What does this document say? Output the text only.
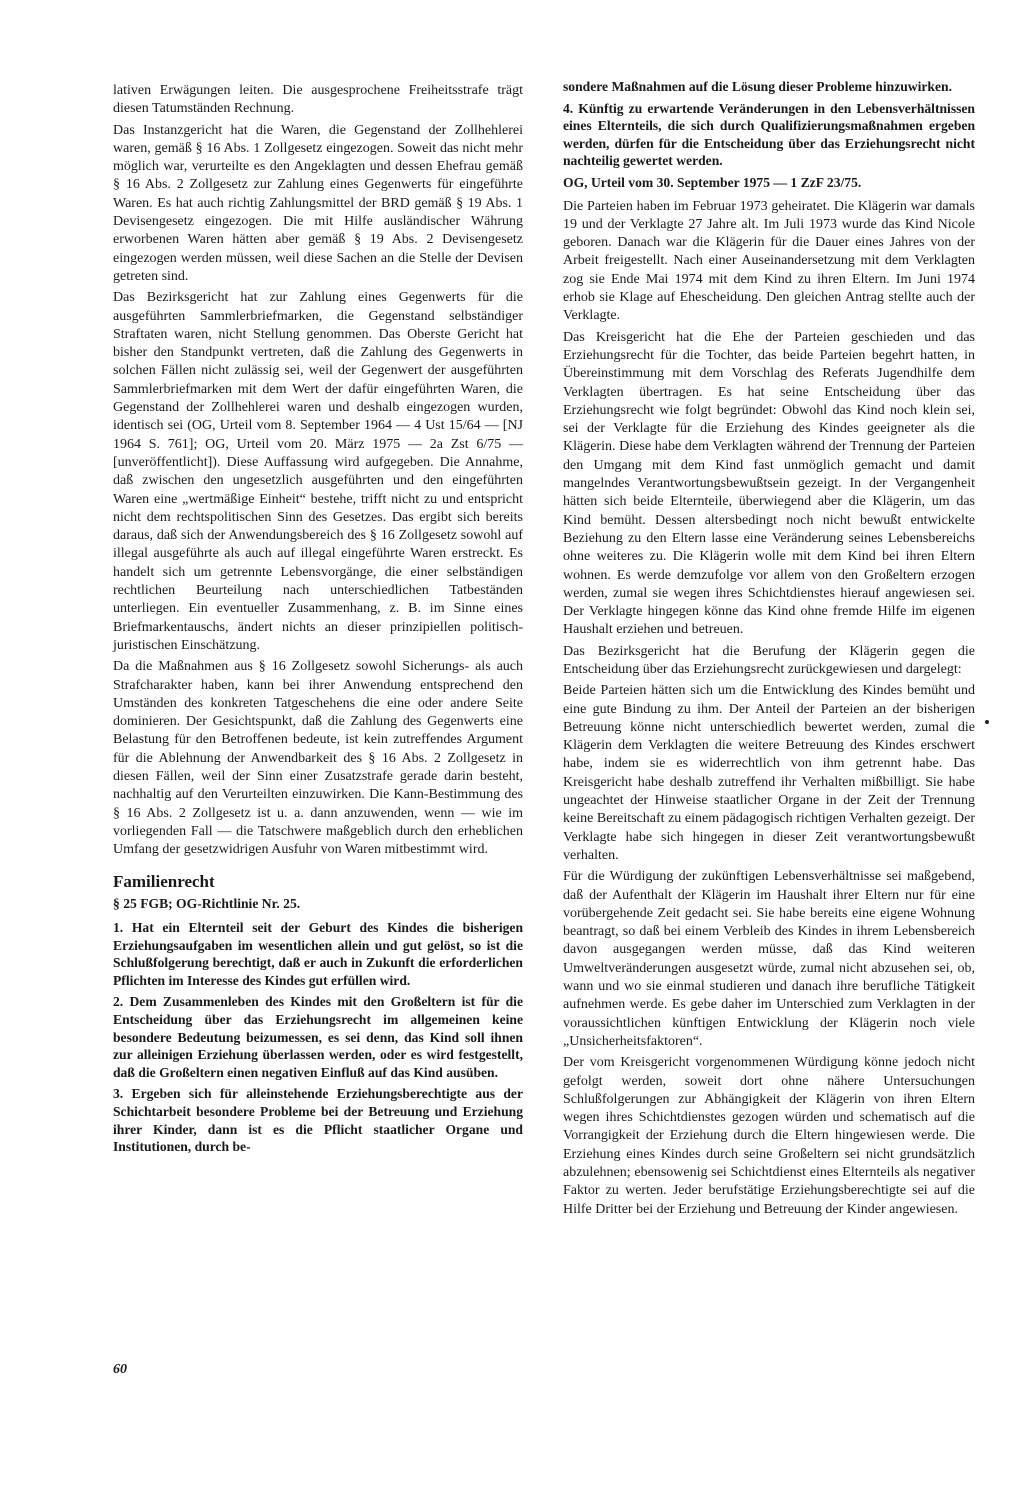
lativen Erwägungen leiten. Die ausgesprochene Freiheitsstrafe trägt diesen Tatumständen Rechnung.

Das Instanzgericht hat die Waren, die Gegenstand der Zollhehlerei waren, gemäß § 16 Abs. 1 Zollgesetz eingezogen. Soweit das nicht mehr möglich war, verurteilte es den Angeklagten und dessen Ehefrau gemäß § 16 Abs. 2 Zollgesetz zur Zahlung eines Gegenwerts für eingeführte Waren. Es hat auch richtig Zahlungsmittel der BRD gemäß § 19 Abs. 1 Devisengesetz eingezogen. Die mit Hilfe ausländischer Währung erworbenen Waren hätten aber gemäß § 19 Abs. 2 Devisengesetz eingezogen werden müssen, weil diese Sachen an die Stelle der Devisen getreten sind.

Das Bezirksgericht hat zur Zahlung eines Gegenwerts für die ausgeführten Sammlerbriefmarken, die Gegenstand selbständiger Straftaten waren, nicht Stellung genommen. Das Oberste Gericht hat bisher den Standpunkt vertreten, daß die Zahlung des Gegenwerts in solchen Fällen nicht zulässig sei, weil der Gegenwert der ausgeführten Sammlerbriefmarken mit dem Wert der dafür eingeführten Waren, die Gegenstand der Zollhehlerei waren und deshalb eingezogen wurden, identisch sei (OG, Urteil vom 8. September 1964 — 4 Ust 15/64 — [NJ 1964 S. 761]; OG, Urteil vom 20. März 1975 — 2a Zst 6/75 — [unveröffentlicht]). Diese Auffassung wird aufgegeben. Die Annahme, daß zwischen den ungesetzlich ausgeführten und den eingeführten Waren eine „wertmäßige Einheit“ bestehe, trifft nicht zu und entspricht nicht dem rechtspolitischen Sinn des Gesetzes. Das ergibt sich bereits daraus, daß sich der Anwendungsbereich des § 16 Zollgesetz sowohl auf illegal ausgeführte als auch auf illegal eingeführte Waren erstreckt. Es handelt sich um getrennte Lebensvorgänge, die einer selbständigen rechtlichen Beurteilung nach unterschiedlichen Tatbeständen unterliegen. Ein eventueller Zusammenhang, z. B. im Sinne eines Briefmarkentauschs, ändert nichts an dieser prinzipiellen politisch-juristischen Einschätzung.

Da die Maßnahmen aus § 16 Zollgesetz sowohl Sicherungs- als auch Strafcharakter haben, kann bei ihrer Anwendung entsprechend den Umständen des konkreten Tatgeschehens die eine oder andere Seite dominieren. Der Gesichtspunkt, daß die Zahlung des Gegenwerts eine Belastung für den Betroffenen bedeute, ist kein zutreffendes Argument für die Ablehnung der Anwendbarkeit des § 16 Abs. 2 Zollgesetz in diesen Fällen, weil der Sinn einer Zusatzstrafe gerade darin besteht, nachhaltig auf den Verurteilten einzuwirken. Die Kann-Bestimmung des § 16 Abs. 2 Zollgesetz ist u. a. dann anzuwenden, wenn — wie im vorliegenden Fall — die Tatschwere maßgeblich durch den erheblichen Umfang der gesetzwidrigen Ausfuhr von Waren mitbestimmt wird.

Familienrecht

§ 25 FGB; OG-Richtlinie Nr. 25.

1. Hat ein Elternteil seit der Geburt des Kindes die bisherigen Erziehungsaufgaben im wesentlichen allein und gut gelöst, so ist die Schlußfolgerung berechtigt, daß er auch in Zukunft die erforderlichen Pflichten im Interesse des Kindes gut erfüllen wird.

2. Dem Zusammenleben des Kindes mit den Großeltern ist für die Entscheidung über das Erziehungsrecht im allgemeinen keine besondere Bedeutung beizumessen, es sei denn, das Kind soll ihnen zur alleinigen Erziehung überlassen werden, oder es wird festgestellt, daß die Großeltern einen negativen Einfluß auf das Kind ausüben.

3. Ergeben sich für alleinstehende Erziehungsberechtigte aus der Schichtarbeit besondere Probleme bei der Betreuung und Erziehung ihrer Kinder, dann ist es die Pflicht staatlicher Organe und Institutionen, durch be-

sondere Maßnahmen auf die Lösung dieser Probleme hinzuwirken.

4. Künftig zu erwartende Veränderungen in den Lebensverhältnissen eines Elternteils, die sich durch Qualifizierungsmaßnahmen ergeben werden, dürfen für die Entscheidung über das Erziehungsrecht nicht nachteilig gewertet werden.

OG, Urteil vom 30. September 1975 — 1 ZzF 23/75.

Die Parteien haben im Februar 1973 geheiratet. Die Klägerin war damals 19 und der Verklagte 27 Jahre alt. Im Juli 1973 wurde das Kind Nicole geboren. Danach war die Klägerin für die Dauer eines Jahres von der Arbeit freigestellt. Nach einer Auseinandersetzung mit dem Verklagten zog sie Ende Mai 1974 mit dem Kind zu ihren Eltern. Im Juni 1974 erhob sie Klage auf Ehescheidung. Den gleichen Antrag stellte auch der Verklagte.

Das Kreisgericht hat die Ehe der Parteien geschieden und das Erziehungsrecht für die Tochter, das beide Parteien begehrt hatten, in Übereinstimmung mit dem Vorschlag des Referats Jugendhilfe dem Verklagten übertragen. Es hat seine Entscheidung über das Erziehungsrecht wie folgt begründet: Obwohl das Kind noch klein sei, sei der Verklagte für die Erziehung des Kindes geeigneter als die Klägerin. Diese habe dem Verklagten während der Trennung der Parteien den Umgang mit dem Kind fast unmöglich gemacht und damit mangelndes Verantwortungsbewußtsein gezeigt. In der Vergangenheit hätten sich beide Elternteile, überwiegend aber die Klägerin, um das Kind bemüht. Dessen altersbedingt noch nicht bewußt entwickelte Beziehung zu den Eltern lasse eine Veränderung seines Lebensbereichs ohne weiteres zu. Die Klägerin wolle mit dem Kind bei ihren Eltern wohnen. Es werde demzufolge vor allem von den Großeltern erzogen werden, zumal sie wegen ihres Schichtdienstes hierauf angewiesen sei. Der Verklagte hingegen könne das Kind ohne fremde Hilfe im eigenen Haushalt erziehen und betreuen.

Das Bezirksgericht hat die Berufung der Klägerin gegen die Entscheidung über das Erziehungsrecht zurückgewiesen und dargelegt:

Beide Parteien hätten sich um die Entwicklung des Kindes bemüht und eine gute Bindung zu ihm. Der Anteil der Parteien an der bisherigen Betreuung könne nicht unterschiedlich bewertet werden, zumal die Klägerin dem Verklagten die weitere Betreuung des Kindes erschwert habe, indem sie es widerrechtlich von ihm getrennt habe. Das Kreisgericht habe deshalb zutreffend ihr Verhalten mißbilligt. Sie habe ungeachtet der Hinweise staatlicher Organe in der Zeit der Trennung keine Bereitschaft zu einem pädagogisch richtigen Verhalten gezeigt. Der Verklagte habe sich hingegen in dieser Zeit verantwortungsbewußt verhalten.

Für die Würdigung der zukünftigen Lebensverhältnisse sei maßgebend, daß der Aufenthalt der Klägerin im Haushalt ihrer Eltern nur für eine vorübergehende Zeit gedacht sei. Sie habe bereits eine eigene Wohnung beantragt, so daß bei einem Verbleib des Kindes in ihrem Lebensbereich davon ausgegangen werden müsse, daß das Kind weiteren Umweltveränderungen ausgesetzt würde, zumal nicht abzusehen sei, ob, wann und wo sie einmal studieren und danach ihre berufliche Tätigkeit aufnehmen werde. Es gebe daher im Unterschied zum Verklagten in der voraussichtlichen künftigen Entwicklung der Klägerin noch viele „Unsicherheitsfaktoren“.

Der vom Kreisgericht vorgenommenen Würdigung könne jedoch nicht gefolgt werden, soweit dort ohne nähere Untersuchungen Schlußfolgerungen zur Abhängigkeit der Klägerin von ihren Eltern wegen ihres Schichtdienstes gezogen würden und schematisch auf die Vorrangigkeit der Erziehung durch die Eltern hingewiesen werde. Die Erziehung eines Kindes durch seine Großeltern sei nicht grundsätzlich abzulehnen; ebensowenig sei Schichtdienst eines Elternteils als negativer Faktor zu werten. Jeder berufstätige Erziehungsberechtigte sei auf die Hilfe Dritter bei der Erziehung und Betreuung der Kinder angewiesen.

60
